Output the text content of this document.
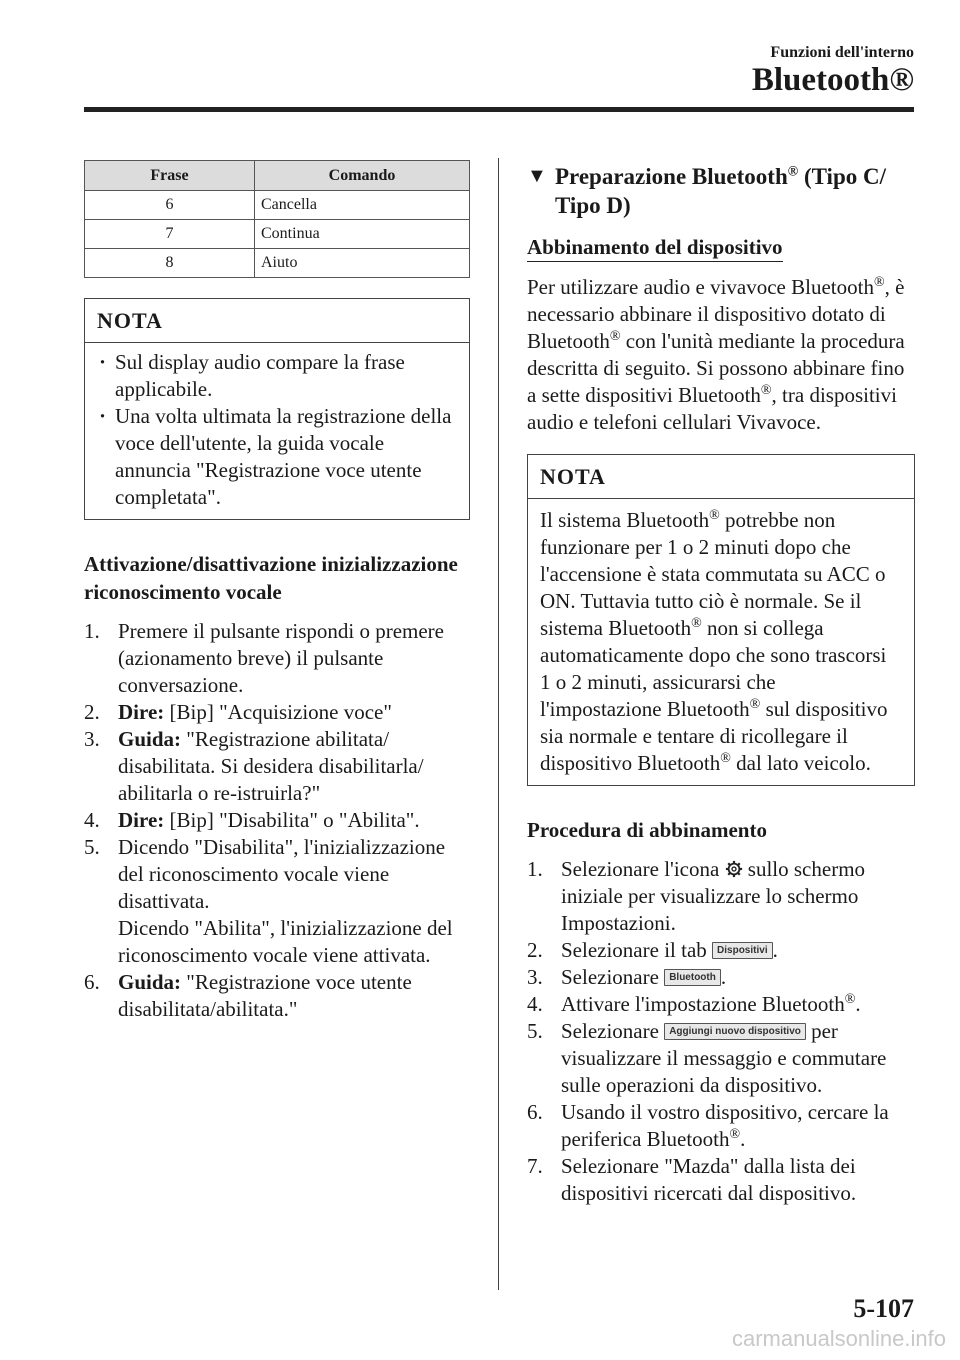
Funzioni dell'interno
Bluetooth®
Frase	Comando
6	Cancella
7	Continua
8	Aiuto
NOTA
· Sul display audio compare la frase applicabile.
· Una volta ultimata la registrazione della voce dell'utente, la guida vocale annuncia "Registrazione voce utente completata".
Attivazione/disattivazione inizializzazione riconoscimento vocale
1. Premere il pulsante rispondi o premere (azionamento breve) il pulsante conversazione.
2. Dire: [Bip] "Acquisizione voce"
3. Guida: "Registrazione abilitata/ disabilitata. Si desidera disabilitarla/ abilitarla o re-istruirla?"
4. Dire: [Bip] "Disabilita" o "Abilita".
5. Dicendo "Disabilita", l'inizializzazione del riconoscimento vocale viene disattivata.
Dicendo "Abilita", l'inizializzazione del riconoscimento vocale viene attivata.
6. Guida: "Registrazione voce utente disabilitata/abilitata."
▼ Preparazione Bluetooth® (Tipo C/ Tipo D)
Abbinamento del dispositivo
Per utilizzare audio e vivavoce Bluetooth®, è necessario abbinare il dispositivo dotato di Bluetooth® con l'unità mediante la procedura descritta di seguito. Si possono abbinare fino a sette dispositivi Bluetooth®, tra dispositivi audio e telefoni cellulari Vivavoce.
NOTA
Il sistema Bluetooth® potrebbe non funzionare per 1 o 2 minuti dopo che l'accensione è stata commutata su ACC o ON. Tuttavia tutto ciò è normale. Se il sistema Bluetooth® non si collega automaticamente dopo che sono trascorsi 1 o 2 minuti, assicurarsi che l'impostazione Bluetooth® sul dispositivo sia normale e tentare di ricollegare il dispositivo Bluetooth® dal lato veicolo.
Procedura di abbinamento
1. Selezionare l'icona  sullo schermo iniziale per visualizzare lo schermo Impostazioni.
2. Selezionare il tab Dispositivi .
3. Selezionare Bluetooth .
4. Attivare l'impostazione Bluetooth®.
5. Selezionare Aggiungi nuovo dispositivo per visualizzare il messaggio e commutare sulle operazioni da dispositivo.
6. Usando il vostro dispositivo, cercare la periferica Bluetooth®.
7. Selezionare "Mazda" dalla lista dei dispositivi ricercati dal dispositivo.
5-107
carmanualsonline.info
